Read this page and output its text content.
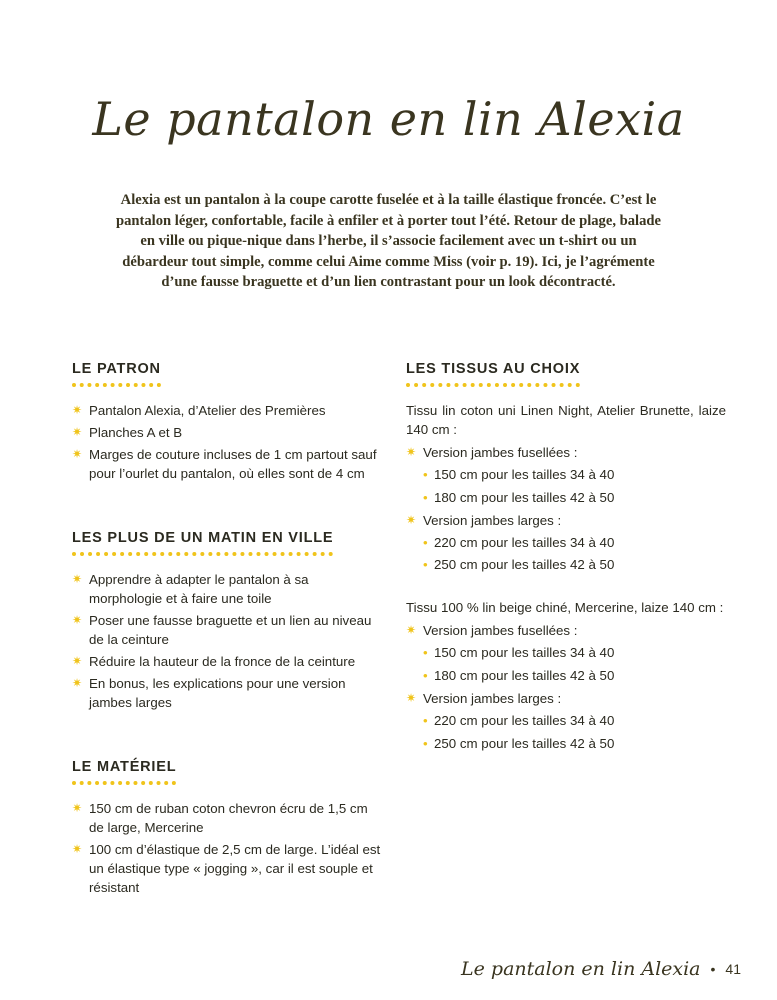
Le pantalon en lin Alexia

Alexia est un pantalon à la coupe carotte fuselée et à la taille élastique froncée. C’est le pantalon léger, confortable, facile à enfiler et à porter tout l’été. Retour de plage, balade en ville ou pique-nique dans l’herbe, il s’associe facilement avec un t-shirt ou un débardeur tout simple, comme celui Aime comme Miss (voir p. 19). Ici, je l’agrémente d’une fausse braguette et d’un lien contrastant pour un look décontracté.

LE PATRON
✷ Pantalon Alexia, d’Atelier des Premières
✷ Planches A et B
✷ Marges de couture incluses de 1 cm partout sauf pour l’ourlet du pantalon, où elles sont de 4 cm
LES PLUS DE UN MATIN EN VILLE
✷ Apprendre à adapter le pantalon à sa morphologie et à faire une toile
✷ Poser une fausse braguette et un lien au niveau de la ceinture
✷ Réduire la hauteur de la fronce de la ceinture
✷ En bonus, les explications pour une version jambes larges
LE MATÉRIEL
✷ 150 cm de ruban coton chevron écru de 1,5 cm de large, Mercerine
✷ 100 cm d’élastique de 2,5 cm de large. L’idéal est un élastique type « jogging », car il est souple et résistant
LES TISSUS AU CHOIX

Tissu lin coton uni Linen Night, Atelier Brunette, laize 140 cm :

✷ Version jambes fusellées :
• 150 cm pour les tailles 34 à 40
• 180 cm pour les tailles 42 à 50
✷ Version jambes larges :
• 220 cm pour les tailles 34 à 40
• 250 cm pour les tailles 42 à 50

Tissu 100 % lin beige chiné, Mercerine, laize 140 cm :

✷ Version jambes fusellées :
• 150 cm pour les tailles 34 à 40
• 180 cm pour les tailles 42 à 50
✷ Version jambes larges :
• 220 cm pour les tailles 34 à 40
• 250 cm pour les tailles 42 à 50
Le pantalon en lin Alexia • 41
